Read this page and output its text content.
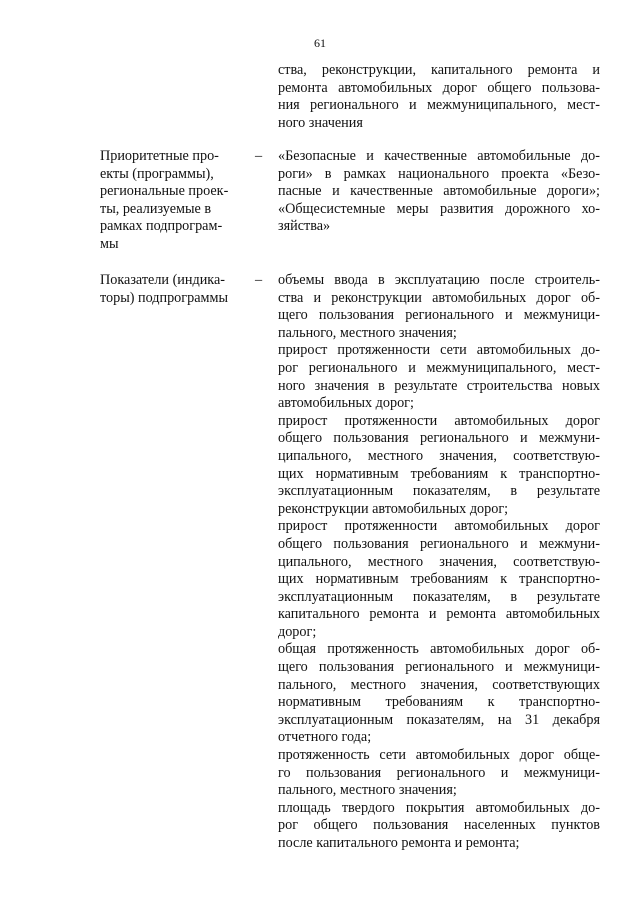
61
ства, реконструкции, капитального ремонта и
ремонта автомобильных дорог общего пользова-
ния регионального и межмуниципального, мест-
ного значения
Приоритетные про-
екты (программы),
региональные проек-
ты, реализуемые в
рамках подпрограм-
мы
– «Безопасные и качественные автомобильные до-
роги» в рамках национального проекта «Безо-
пасные и качественные автомобильные дороги»;
«Общесистемные меры развития дорожного хо-
зяйства»
Показатели (индика-
торы) подпрограммы
– объемы ввода в эксплуатацию после строитель-
ства и реконструкции автомобильных дорог об-
щего пользования регионального и межмуници-
пального, местного значения;
прирост протяженности сети автомобильных до-
рог регионального и межмуниципального, мест-
ного значения в результате строительства новых
автомобильных дорог;
прирост протяженности автомобильных дорог
общего пользования регионального и межмуни-
ципального, местного значения, соответствую-
щих нормативным требованиям к транспортно-
эксплуатационным показателям, в результате
реконструкции автомобильных дорог;
прирост протяженности автомобильных дорог
общего пользования регионального и межмуни-
ципального, местного значения, соответствую-
щих нормативным требованиям к транспортно-
эксплуатационным показателям, в результате
капитального ремонта и ремонта автомобильных
дорог;
общая протяженность автомобильных дорог об-
щего пользования регионального и межмуници-
пального, местного значения, соответствующих
нормативным требованиям к транспортно-
эксплуатационным показателям, на 31 декабря
отчетного года;
протяженность сети автомобильных дорог обще-
го пользования регионального и межмуници-
пального, местного значения;
площадь твердого покрытия автомобильных до-
рог общего пользования населенных пунктов
после капитального ремонта и ремонта;
